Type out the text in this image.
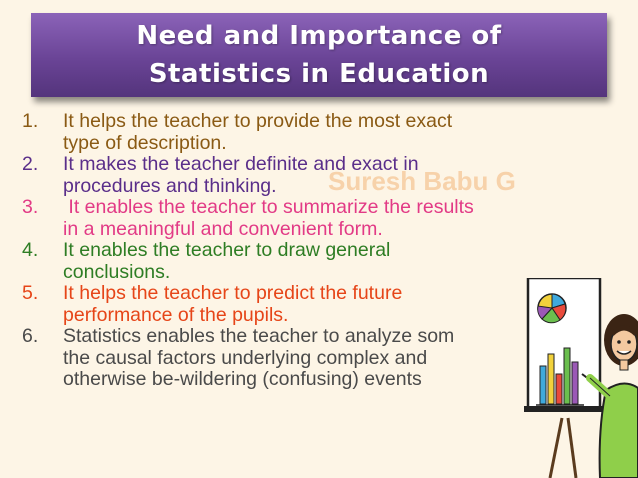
Need and Importance of
Statistics in Education
Suresh Babu G
1. It helps the teacher to provide the most exact
type of description.
2. It makes the teacher definite and exact in
procedures and thinking.
3. It enables the teacher to summarize the results
in a meaningful and convenient form.
4. It enables the teacher to draw general
conclusions.
5. It helps the teacher to predict the future
performance of the pupils.
6. Statistics enables the teacher to analyze som
the causal factors underlying complex and
otherwise be-wildering (confusing) events
